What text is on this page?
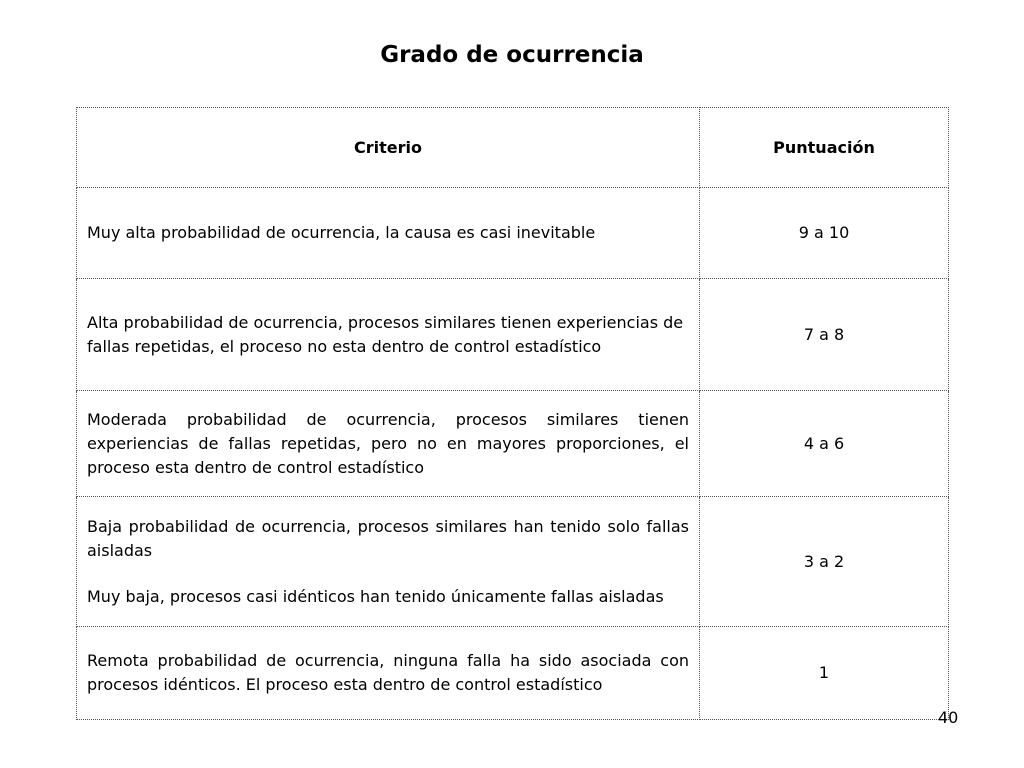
Grado de ocurrencia
Criterio	Puntuación

Muy alta probabilidad de ocurrencia, la causa es casi inevitable	9 a 10

Alta probabilidad de ocurrencia, procesos similares tienen experiencias de fallas repetidas, el proceso no esta dentro de control estadístico	7 a 8

Moderada probabilidad de ocurrencia, procesos similares tienen experiencias de fallas repetidas, pero no en mayores proporciones, el proceso esta dentro de control estadístico	4 a 6

Baja probabilidad de ocurrencia, procesos similares han tenido solo fallas aisladas
Muy baja, procesos casi idénticos han tenido únicamente fallas aisladas	3 a 2

Remota probabilidad de ocurrencia, ninguna falla ha sido asociada con procesos idénticos. El proceso esta dentro de control estadístico	1
40
